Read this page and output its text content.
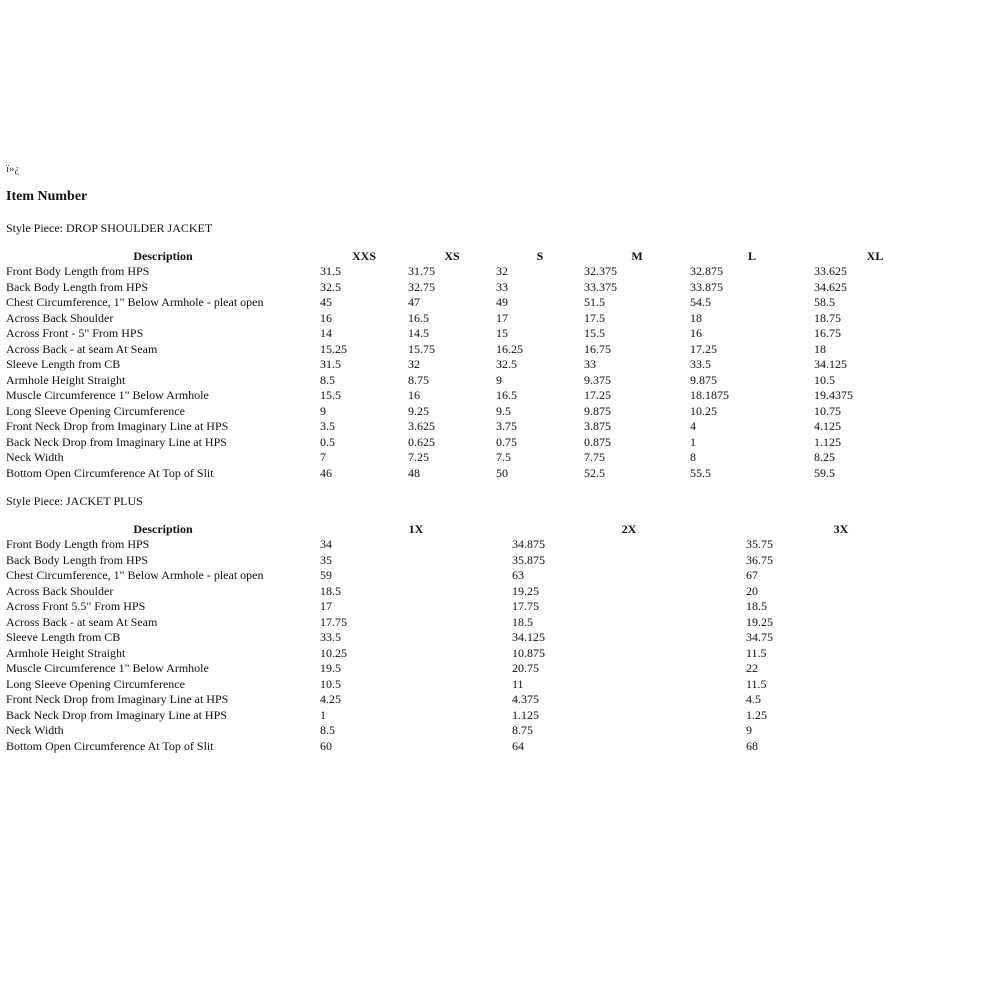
ï»¿
Item Number
Style Piece: DROP SHOULDER JACKET
Description	XXS	XS	S	M	L	XL
Front Body Length from HPS	31.5	31.75	32	32.375	32.875	33.625
Back Body Length from HPS	32.5	32.75	33	33.375	33.875	34.625
Chest Circumference, 1" Below Armhole - pleat open	45	47	49	51.5	54.5	58.5
Across Back Shoulder	16	16.5	17	17.5	18	18.75
Across Front - 5" From HPS	14	14.5	15	15.5	16	16.75
Across Back - at seam At Seam	15.25	15.75	16.25	16.75	17.25	18
Sleeve Length from CB	31.5	32	32.5	33	33.5	34.125
Armhole Height Straight	8.5	8.75	9	9.375	9.875	10.5
Muscle Circumference 1" Below Armhole	15.5	16	16.5	17.25	18.1875	19.4375
Long Sleeve Opening Circumference	9	9.25	9.5	9.875	10.25	10.75
Front Neck Drop from Imaginary Line at HPS	3.5	3.625	3.75	3.875	4	4.125
Back Neck Drop from Imaginary Line at HPS	0.5	0.625	0.75	0.875	1	1.125
Neck Width	7	7.25	7.5	7.75	8	8.25
Bottom Open Circumference At Top of Slit	46	48	50	52.5	55.5	59.5
Style Piece: JACKET PLUS
Description	1X	2X	3X
Front Body Length from HPS	34	34.875	35.75
Back Body Length from HPS	35	35.875	36.75
Chest Circumference, 1" Below Armhole - pleat open	59	63	67
Across Back Shoulder	18.5	19.25	20
Across Front 5.5" From HPS	17	17.75	18.5
Across Back - at seam At Seam	17.75	18.5	19.25
Sleeve Length from CB	33.5	34.125	34.75
Armhole Height Straight	10.25	10.875	11.5
Muscle Circumference 1" Below Armhole	19.5	20.75	22
Long Sleeve Opening Circumference	10.5	11	11.5
Front Neck Drop from Imaginary Line at HPS	4.25	4.375	4.5
Back Neck Drop from Imaginary Line at HPS	1	1.125	1.25
Neck Width	8.5	8.75	9
Bottom Open Circumference At Top of Slit	60	64	68
